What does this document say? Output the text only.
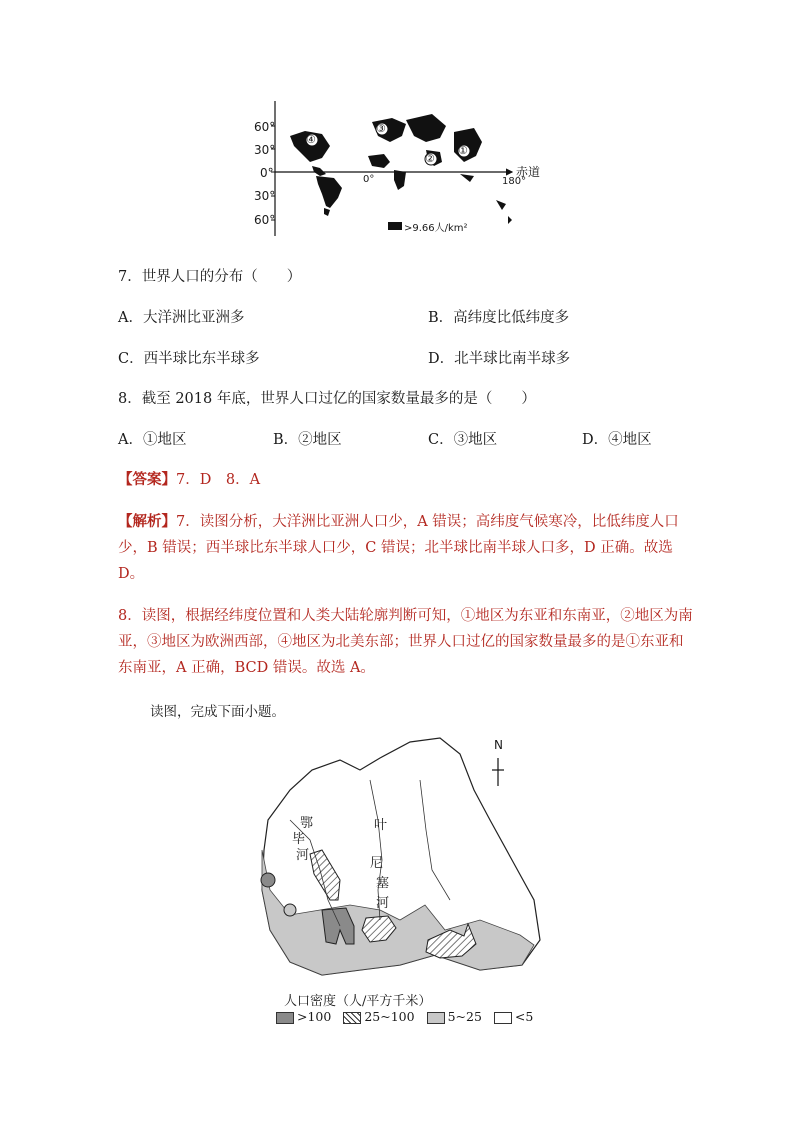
60°
30°
0°
30°
60°
0°	180°
赤道
④
③
②
①
>9.66人/km²
7．世界人口的分布（　　）
A．大洋洲比亚洲多	B．高纬度比低纬度多
C．西半球比东半球多	D．北半球比南半球多
8．截至 2018 年底，世界人口过亿的国家数量最多的是（　　）
A．①地区	B．②地区	C．③地区	D．④地区
【答案】7．D　8．A
【解析】7．读图分析，大洋洲比亚洲人口少，A 错误；高纬度气候寒冷，比低纬度人口
少，B 错误；西半球比东半球人口少，C 错误；北半球比南半球人口多，D 正确。故选
D。
8．读图，根据经纬度位置和人类大陆轮廓判断可知，①地区为东亚和东南亚，②地区为南
亚，③地区为欧洲西部，④地区为北美东部；世界人口过亿的国家数量最多的是①东亚和
东南亚，A 正确，BCD 错误。故选 A。
读图，完成下面小题。
N
鄂
毕
河
叶
尼
塞
河
人口密度（人/平方千米）
>100	25~100	5~25	<5
